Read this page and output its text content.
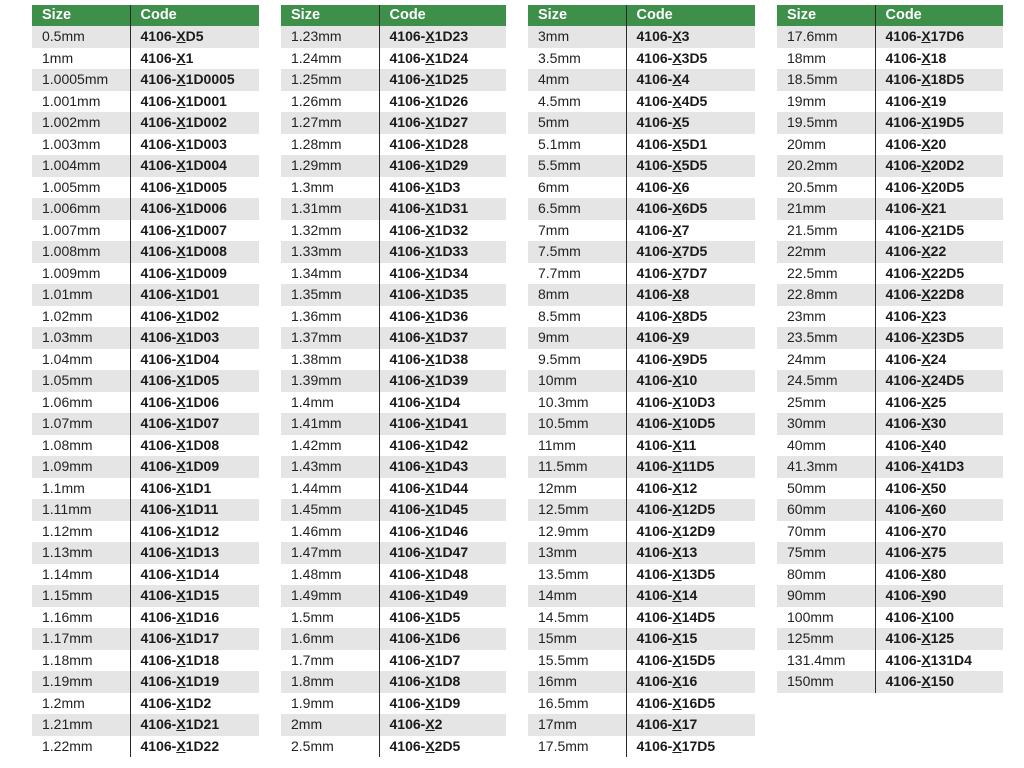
Size	Code
0.5mm	4106-XD5
1mm	4106-X1
1.0005mm	4106-X1D0005
1.001mm	4106-X1D001
1.002mm	4106-X1D002
1.003mm	4106-X1D003
1.004mm	4106-X1D004
1.005mm	4106-X1D005
1.006mm	4106-X1D006
1.007mm	4106-X1D007
1.008mm	4106-X1D008
1.009mm	4106-X1D009
1.01mm	4106-X1D01
1.02mm	4106-X1D02
1.03mm	4106-X1D03
1.04mm	4106-X1D04
1.05mm	4106-X1D05
1.06mm	4106-X1D06
1.07mm	4106-X1D07
1.08mm	4106-X1D08
1.09mm	4106-X1D09
1.1mm	4106-X1D1
1.11mm	4106-X1D11
1.12mm	4106-X1D12
1.13mm	4106-X1D13
1.14mm	4106-X1D14
1.15mm	4106-X1D15
1.16mm	4106-X1D16
1.17mm	4106-X1D17
1.18mm	4106-X1D18
1.19mm	4106-X1D19
1.2mm	4106-X1D2
1.21mm	4106-X1D21
1.22mm	4106-X1D22
Size	Code
1.23mm	4106-X1D23
1.24mm	4106-X1D24
1.25mm	4106-X1D25
1.26mm	4106-X1D26
1.27mm	4106-X1D27
1.28mm	4106-X1D28
1.29mm	4106-X1D29
1.3mm	4106-X1D3
1.31mm	4106-X1D31
1.32mm	4106-X1D32
1.33mm	4106-X1D33
1.34mm	4106-X1D34
1.35mm	4106-X1D35
1.36mm	4106-X1D36
1.37mm	4106-X1D37
1.38mm	4106-X1D38
1.39mm	4106-X1D39
1.4mm	4106-X1D4
1.41mm	4106-X1D41
1.42mm	4106-X1D42
1.43mm	4106-X1D43
1.44mm	4106-X1D44
1.45mm	4106-X1D45
1.46mm	4106-X1D46
1.47mm	4106-X1D47
1.48mm	4106-X1D48
1.49mm	4106-X1D49
1.5mm	4106-X1D5
1.6mm	4106-X1D6
1.7mm	4106-X1D7
1.8mm	4106-X1D8
1.9mm	4106-X1D9
2mm	4106-X2
2.5mm	4106-X2D5
Size	Code
3mm	4106-X3
3.5mm	4106-X3D5
4mm	4106-X4
4.5mm	4106-X4D5
5mm	4106-X5
5.1mm	4106-X5D1
5.5mm	4106-X5D5
6mm	4106-X6
6.5mm	4106-X6D5
7mm	4106-X7
7.5mm	4106-X7D5
7.7mm	4106-X7D7
8mm	4106-X8
8.5mm	4106-X8D5
9mm	4106-X9
9.5mm	4106-X9D5
10mm	4106-X10
10.3mm	4106-X10D3
10.5mm	4106-X10D5
11mm	4106-X11
11.5mm	4106-X11D5
12mm	4106-X12
12.5mm	4106-X12D5
12.9mm	4106-X12D9
13mm	4106-X13
13.5mm	4106-X13D5
14mm	4106-X14
14.5mm	4106-X14D5
15mm	4106-X15
15.5mm	4106-X15D5
16mm	4106-X16
16.5mm	4106-X16D5
17mm	4106-X17
17.5mm	4106-X17D5
Size	Code
17.6mm	4106-X17D6
18mm	4106-X18
18.5mm	4106-X18D5
19mm	4106-X19
19.5mm	4106-X19D5
20mm	4106-X20
20.2mm	4106-X20D2
20.5mm	4106-X20D5
21mm	4106-X21
21.5mm	4106-X21D5
22mm	4106-X22
22.5mm	4106-X22D5
22.8mm	4106-X22D8
23mm	4106-X23
23.5mm	4106-X23D5
24mm	4106-X24
24.5mm	4106-X24D5
25mm	4106-X25
30mm	4106-X30
40mm	4106-X40
41.3mm	4106-X41D3
50mm	4106-X50
60mm	4106-X60
70mm	4106-X70
75mm	4106-X75
80mm	4106-X80
90mm	4106-X90
100mm	4106-X100
125mm	4106-X125
131.4mm	4106-X131D4
150mm	4106-X150
